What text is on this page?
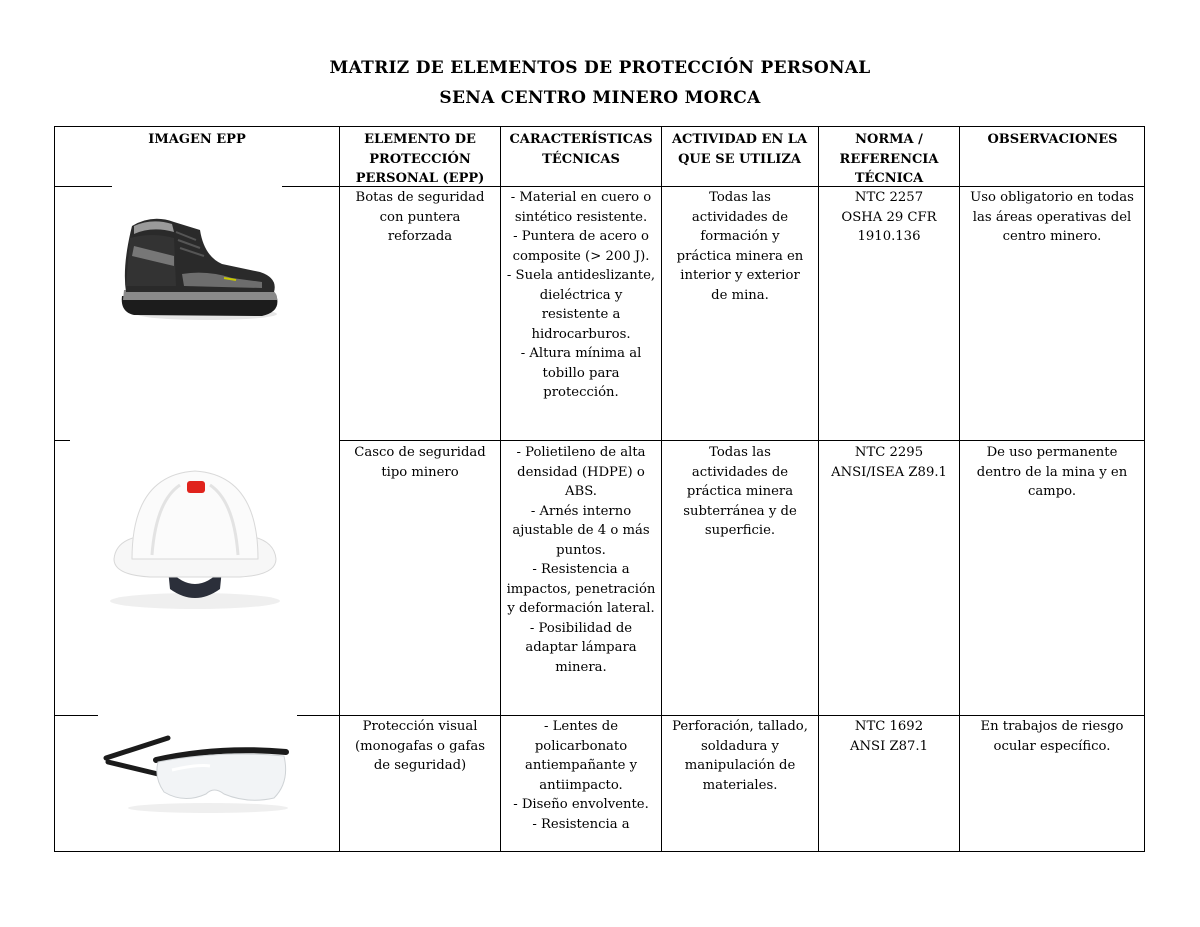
MATRIZ DE ELEMENTOS DE PROTECCIÓN PERSONAL
SENA CENTRO MINERO MORCA
IMAGEN EPP	ELEMENTO DE PROTECCIÓN PERSONAL (EPP)
CARACTERÍSTICAS TÉCNICAS
ACTIVIDAD EN LA QUE SE UTILIZA
NORMA / REFERENCIA TÉCNICA
OBSERVACIONES
Botas de seguridad con puntera reforzada
- Material en cuero o sintético resistente.
- Puntera de acero o composite (> 200 J).
- Suela antideslizante, dieléctrica y resistente a hidrocarburos.
- Altura mínima al tobillo para protección.
Todas las actividades de formación y práctica minera en interior y exterior de mina.
NTC 2257
OSHA 29 CFR 1910.136
Uso obligatorio en todas las áreas operativas del centro minero.
Casco de seguridad tipo minero
- Polietileno de alta densidad (HDPE) o ABS.
- Arnés interno ajustable de 4 o más puntos.
- Resistencia a impactos, penetración y deformación lateral.
- Posibilidad de adaptar lámpara minera.
Todas las actividades de práctica minera subterránea y de superficie.
NTC 2295
ANSI/ISEA Z89.1
De uso permanente dentro de la mina y en campo.
Protección visual (monogafas o gafas de seguridad)
- Lentes de policarbonato antiempañante y antiimpacto.
- Diseño envolvente.
- Resistencia a
Perforación, tallado, soldadura y manipulación de materiales.
NTC 1692
ANSI Z87.1
En trabajos de riesgo ocular específico.
